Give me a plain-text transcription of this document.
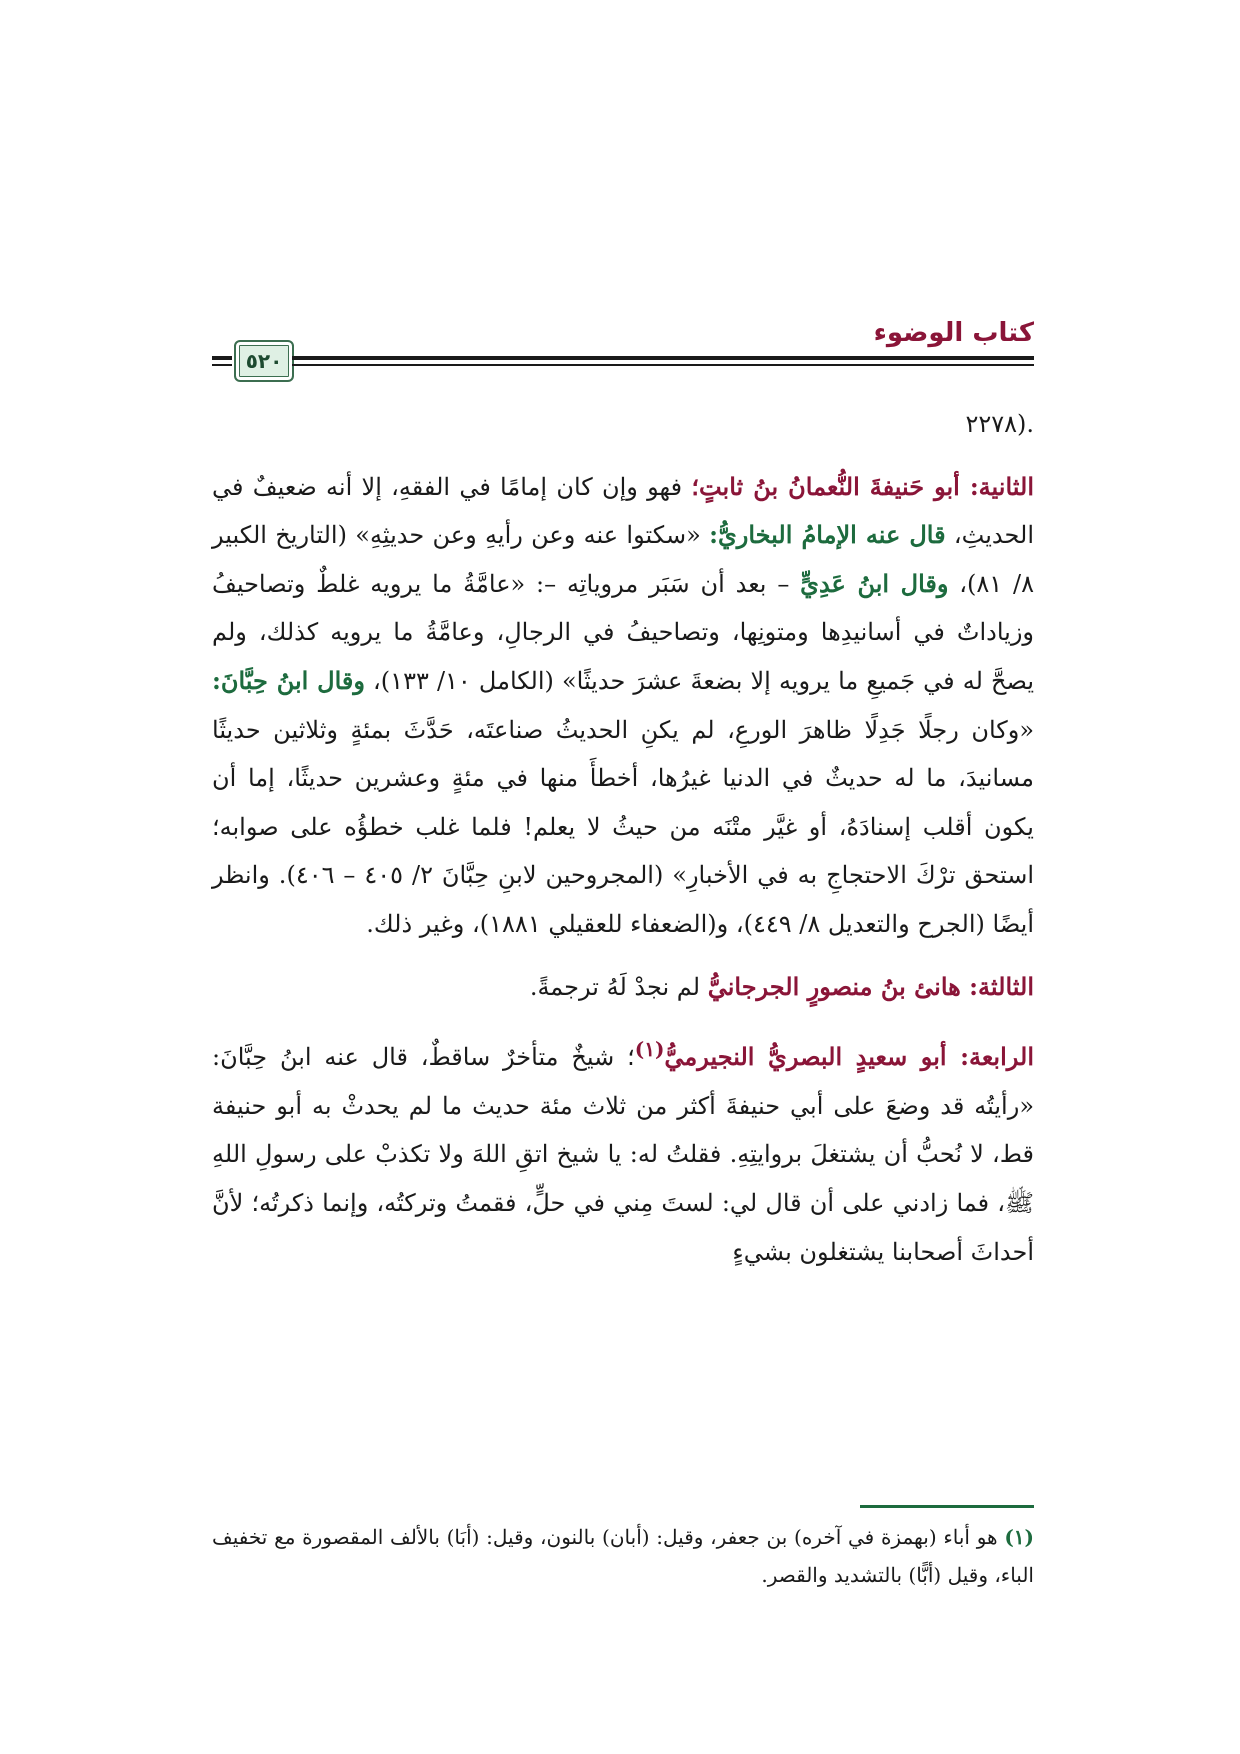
٥٢٠
كتاب الوضوء

.(٢٢٧٨

الثانية: أبو حَنيفةَ النُّعمانُ بنُ ثابتٍ؛ فهو وإن كان إمامًا في الفقهِ، إلا أنه ضعيفٌ في الحديثِ، قال عنه الإمامُ البخاريُّ: «سكتوا عنه وعن رأيهِ وعن حديثِهِ» (التاريخ الكبير ٨/ ٨١)، وقال ابنُ عَدِيٍّ – بعد أن سَبَر مروياتِه –: «عامَّةُ ما يرويه غلطٌ وتصاحيفُ وزياداتٌ في أسانيدِها ومتونِها، وتصاحيفُ في الرجالِ، وعامَّةُ ما يرويه كذلك، ولم يصحَّ له في جَميعِ ما يرويه إلا بضعةَ عشرَ حديثًا» (الكامل ١٠/ ١٣٣)، وقال ابنُ حِبَّانَ: «وكان رجلًا جَدِلًا ظاهرَ الورعِ، لم يكنِ الحديثُ صناعتَه، حَدَّثَ بمئةٍ وثلاثين حديثًا مسانيدَ، ما له حديثٌ في الدنيا غيرُها، أخطأَ منها في مئةٍ وعشرين حديثًا، إما أن يكون أقلب إسنادَهُ، أو غيَّر متْنَه من حيثُ لا يعلم! فلما غلب خطؤُه على صوابه؛ استحق ترْكَ الاحتجاجِ به في الأخبارِ» (المجروحين لابنِ حِبَّانَ ٢/ ٤٠٥ – ٤٠٦). وانظر أيضًا (الجرح والتعديل ٨/ ٤٤٩)، و(الضعفاء للعقيلي ١٨٨١)، وغير ذلك.

الثالثة: هانئ بنُ منصورٍ الجرجانيُّ لم نجدْ لَهُ ترجمةً.

الرابعة: أبو سعيدٍ البصريُّ النجيرميُّ$^{(١)}$؛ شيخٌ متأخرٌ ساقطٌ، قال عنه ابنُ حِبَّانَ: «رأيتُه قد وضعَ على أبي حنيفةَ أكثر من ثلاث مئة حديث ما لم يحدثْ به أبو حنيفة قط، لا نُحبُّ أن يشتغلَ بروايتِهِ. فقلتُ له: يا شيخ اتقِ اللهَ ولا تكذبْ على رسولِ اللهِ ﷺ، فما زادني على أن قال لي: لستَ مِني في حلٍّ، فقمتُ وتركتُه، وإنما ذكرتُه؛ لأنَّ أحداثَ أصحابنا يشتغلون بشيءٍ

(١) هو أباء (بهمزة في آخره) بن جعفر، وقيل: (أبان) بالنون، وقيل: (أبَا) بالألف المقصورة مع تخفيف الباء، وقيل (أبًّا) بالتشديد والقصر.
